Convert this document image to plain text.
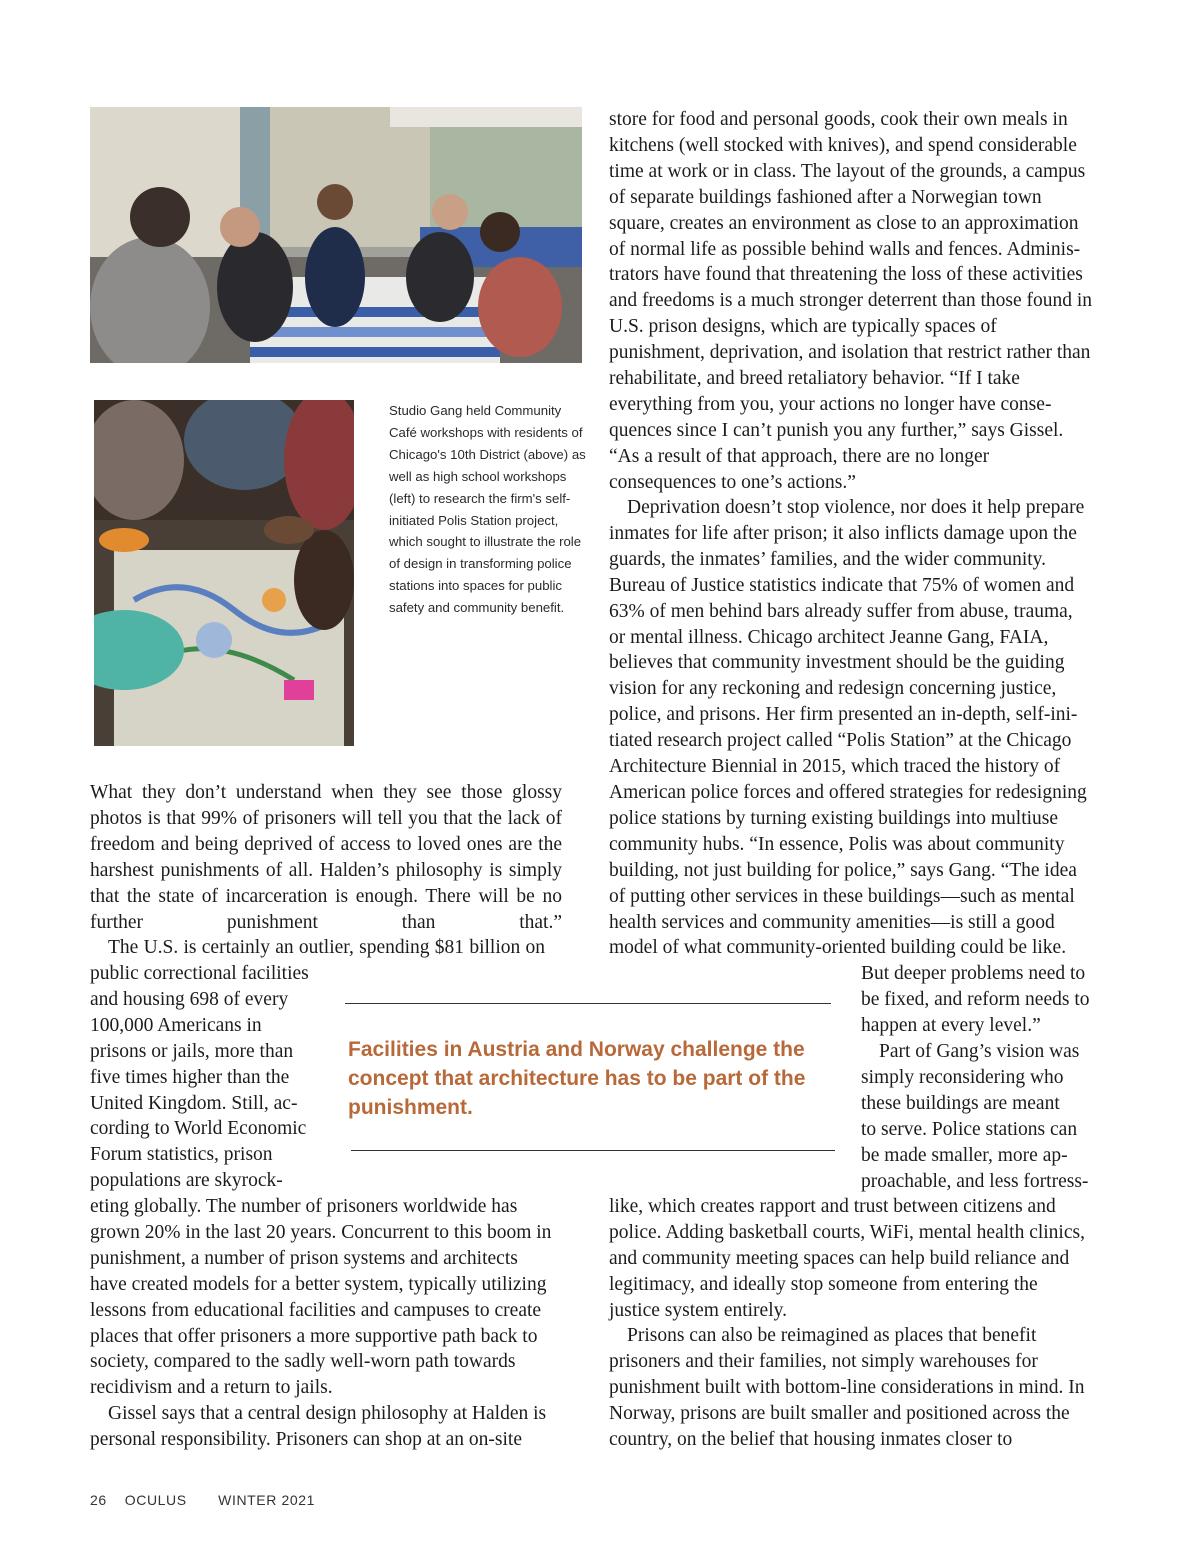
Studio Gang held Community Café workshops with residents of Chicago's 10th District (above) as well as high school workshops (left) to research the firm's self-initiated Polis Station project, which sought to illustrate the role of design in transforming police stations into spaces for public safety and community benefit.
What they don’t understand when they see those glossy photos is that 99% of prisoners will tell you that the lack of freedom and being deprived of access to loved ones are the harshest punishments of all. Halden’s philosophy is simply that the state of incarceration is enough. There will be no further punishment than that.”
The U.S. is certainly an outlier, spending $81 billion on
public correctional facilities
and housing 698 of every
100,000 Americans in
prisons or jails, more than
five times higher than the
United Kingdom. Still, ac-
cording to World Economic
Forum statistics, prison
populations are skyrock-
eting globally. The number of prisoners worldwide has grown 20% in the last 20 years. Concurrent to this boom in punishment, a number of prison systems and architects have created models for a better system, typically utilizing lessons from educational facilities and campuses to create places that offer prisoners a more supportive path back to society, compared to the sadly well-worn path towards recidivism and a return to jails.
Gissel says that a central design philosophy at Halden is personal responsibility. Prisoners can shop at an on-site
Facilities in Austria and Norway challenge the concept that architecture has to be part of the punishment.
store for food and personal goods, cook their own meals in kitchens (well stocked with knives), and spend considerable time at work or in class. The layout of the grounds, a campus of separate buildings fashioned after a Norwegian town square, creates an environment as close to an approximation of normal life as possible behind walls and fences. Administrators have found that threatening the loss of these activities and freedoms is a much stronger deterrent than those found in U.S. prison designs, which are typically spaces of punishment, deprivation, and isolation that restrict rather than rehabilitate, and breed retaliatory behavior. “If I take everything from you, your actions no longer have consequences since I can’t punish you any further,” says Gissel. “As a result of that approach, there are no longer consequences to one’s actions.”
Deprivation doesn’t stop violence, nor does it help prepare inmates for life after prison; it also inflicts damage upon the guards, the inmates’ families, and the wider community. Bureau of Justice statistics indicate that 75% of women and 63% of men behind bars already suffer from abuse, trauma, or mental illness. Chicago architect Jeanne Gang, FAIA, believes that community investment should be the guiding vision for any reckoning and redesign concerning justice, police, and prisons. Her firm presented an in-depth, self-initiated research project called “Polis Station” at the Chicago Architecture Biennial in 2015, which traced the history of American police forces and offered strategies for redesigning police stations by turning existing buildings into multiuse community hubs. “In essence, Polis was about community building, not just building for police,” says Gang. “The idea of putting other services in these buildings—such as mental health services and community amenities—is still a good model of what community-oriented building could be like.
But deeper problems need to
be fixed, and reform needs to
happen at every level.”
Part of Gang’s vision was
simply reconsidering who
these buildings are meant
to serve. Police stations can
be made smaller, more ap-
proachable, and less fortress-
like, which creates rapport and trust between citizens and police. Adding basketball courts, WiFi, mental health clinics, and community meeting spaces can help build reliance and legitimacy, and ideally stop someone from entering the justice system entirely.
Prisons can also be reimagined as places that benefit prisoners and their families, not simply warehouses for punishment built with bottom-line considerations in mind. In Norway, prisons are built smaller and positioned across the country, on the belief that housing inmates closer to
26 OCULUS WINTER 2021
